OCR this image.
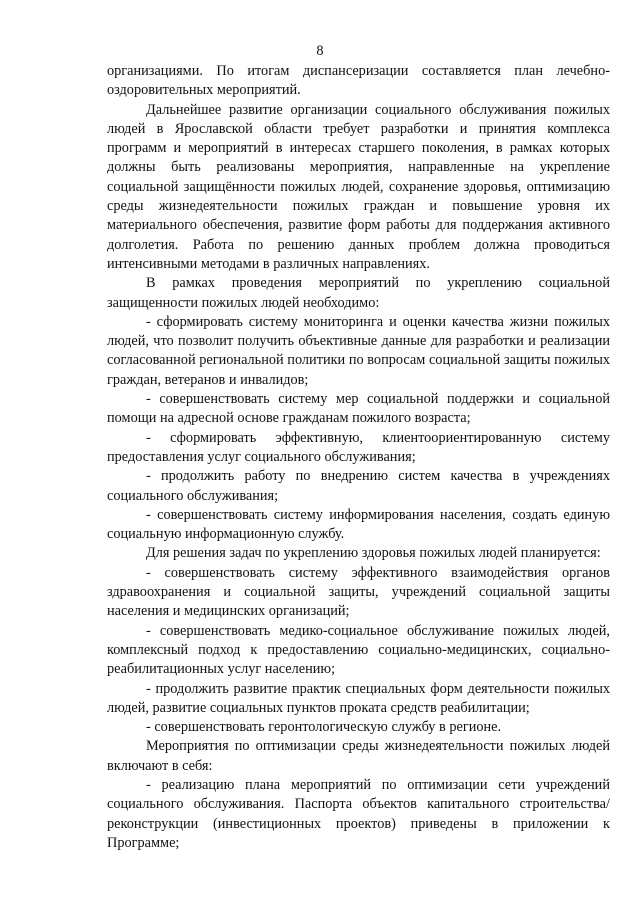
8

организациями. По итогам диспансеризации составляется план лечебно-оздоровительных мероприятий.

Дальнейшее развитие организации социального обслуживания пожилых людей в Ярославской области требует разработки и принятия комплекса программ и мероприятий в интересах старшего поколения, в рамках которых должны быть реализованы мероприятия, направленные на укрепление социальной защищённости пожилых людей, сохранение здоровья, оптимизацию среды жизнедеятельности пожилых граждан и повышение уровня их материального обеспечения, развитие форм работы для поддержания активного долголетия. Работа по решению данных проблем должна проводиться интенсивными методами в различных направлениях.

В рамках проведения мероприятий по укреплению социальной защищенности пожилых людей необходимо:

- сформировать систему мониторинга и оценки качества жизни пожилых людей, что позволит получить объективные данные для разработки и реализации согласованной региональной политики по вопросам социальной защиты пожилых граждан, ветеранов и инвалидов;

- совершенствовать систему мер социальной поддержки и социальной помощи на адресной основе гражданам пожилого возраста;

- сформировать эффективную, клиентоориентированную систему предоставления услуг социального обслуживания;

- продолжить работу по внедрению систем качества в учреждениях социального обслуживания;

- совершенствовать систему информирования населения, создать единую социальную информационную службу.

Для решения задач по укреплению здоровья пожилых людей планируется:

- совершенствовать систему эффективного взаимодействия органов здравоохранения и социальной защиты, учреждений социальной защиты населения и медицинских организаций;

- совершенствовать медико-социальное обслуживание пожилых людей, комплексный подход к предоставлению социально-медицинских, социально-реабилитационных услуг населению;

- продолжить развитие практик специальных форм деятельности пожилых людей, развитие социальных пунктов проката средств реабилитации;

- совершенствовать геронтологическую службу в регионе.

Мероприятия по оптимизации среды жизнедеятельности пожилых людей включают в себя:

- реализацию плана мероприятий по оптимизации сети учреждений социального обслуживания. Паспорта объектов капитального строительства/реконструкции (инвестиционных проектов) приведены в приложении к Программе;
